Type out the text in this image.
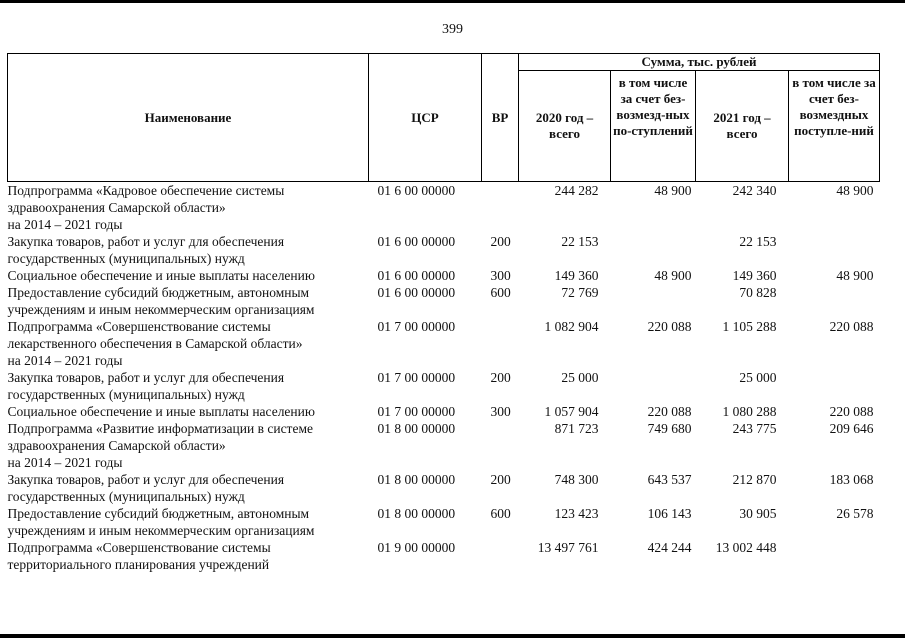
399
Наименование	ЦСР	ВР	Сумма, тыс. рублей			
			2020 год – всего	в том числе за счет без-возмезд-ных по-ступлений	2021 год – всего	в том числе за счет без-возмездных поступле-ний

Подпрограмма «Кадровое обеспечение системы
здравоохранения Самарской области»
на 2014 – 2021 годы	01 6 00 00000		244 282	48 900	242 340	48 900

Закупка товаров, работ и услуг для обеспечения
государственных (муниципальных) нужд	01 6 00 00000	200	22 153		22 153	

Социальное обеспечение и иные выплаты населению	01 6 00 00000	300	149 360	48 900	149 360	48 900

Предоставление субсидий бюджетным, автономным
учреждениям и иным некоммерческим организациям	01 6 00 00000	600	72 769		70 828	

Подпрограмма «Совершенствование системы
лекарственного обеспечения в Самарской области»
на 2014 – 2021 годы	01 7 00 00000		1 082 904	220 088	1 105 288	220 088

Закупка товаров, работ и услуг для обеспечения
государственных (муниципальных) нужд	01 7 00 00000	200	25 000		25 000	

Социальное обеспечение и иные выплаты населению	01 7 00 00000	300	1 057 904	220 088	1 080 288	220 088

Подпрограмма «Развитие информатизации в системе
здравоохранения Самарской области»
на 2014 – 2021 годы	01 8 00 00000		871 723	749 680	243 775	209 646

Закупка товаров, работ и услуг для обеспечения
государственных (муниципальных) нужд	01 8 00 00000	200	748 300	643 537	212 870	183 068

Предоставление субсидий бюджетным, автономным
учреждениям и иным некоммерческим организациям	01 8 00 00000	600	123 423	106 143	30 905	26 578

Подпрограмма «Совершенствование системы
территориального планирования учреждений	01 9 00 00000		13 497 761	424 244	13 002 448	
